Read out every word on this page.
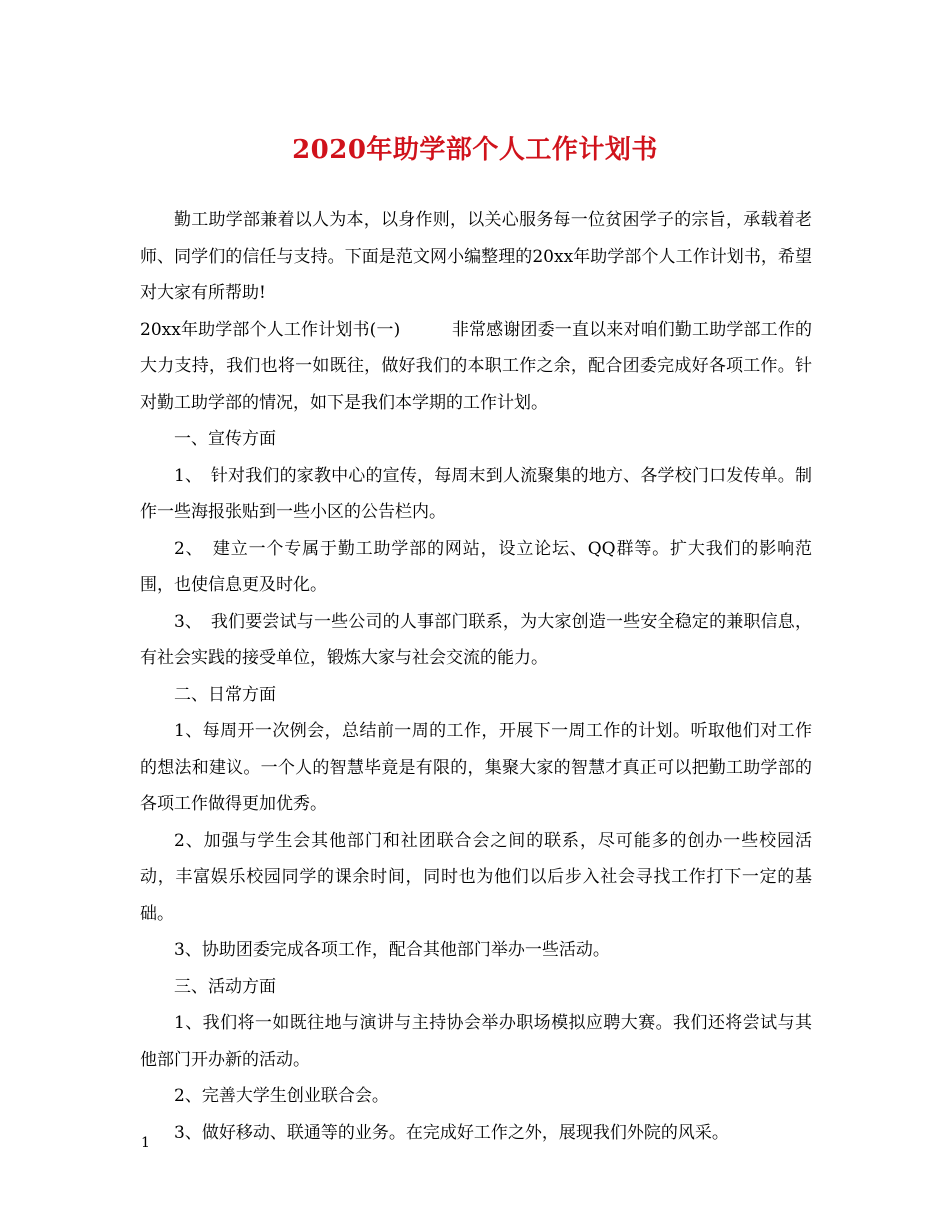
2020年助学部个人工作计划书

勤工助学部兼着以人为本，以身作则，以关心服务每一位贫困学子的宗旨，承载着老师、同学们的信任与支持。下面是范文网小编整理的20xx年助学部个人工作计划书，希望对大家有所帮助!

20xx年助学部个人工作计划书(一)　　　非常感谢团委一直以来对咱们勤工助学部工作的大力支持，我们也将一如既往，做好我们的本职工作之余，配合团委完成好各项工作。针对勤工助学部的情况，如下是我们本学期的工作计划。

一、宣传方面

1、　针对我们的家教中心的宣传，每周末到人流聚集的地方、各学校门口发传单。制作一些海报张贴到一些小区的公告栏内。

2、　建立一个专属于勤工助学部的网站，设立论坛、QQ群等。扩大我们的影响范围，也使信息更及时化。

3、　我们要尝试与一些公司的人事部门联系，为大家创造一些安全稳定的兼职信息，有社会实践的接受单位，锻炼大家与社会交流的能力。

二、日常方面

1、每周开一次例会，总结前一周的工作，开展下一周工作的计划。听取他们对工作的想法和建议。一个人的智慧毕竟是有限的，集聚大家的智慧才真正可以把勤工助学部的各项工作做得更加优秀。

2、加强与学生会其他部门和社团联合会之间的联系，尽可能多的创办一些校园活动，丰富娱乐校园同学的课余时间，同时也为他们以后步入社会寻找工作打下一定的基础。

3、协助团委完成各项工作，配合其他部门举办一些活动。

三、活动方面

1、我们将一如既往地与演讲与主持协会举办职场模拟应聘大赛。我们还将尝试与其他部门开办新的活动。

2、完善大学生创业联合会。

3、做好移动、联通等的业务。在完成好工作之外，展现我们外院的风采。

1
